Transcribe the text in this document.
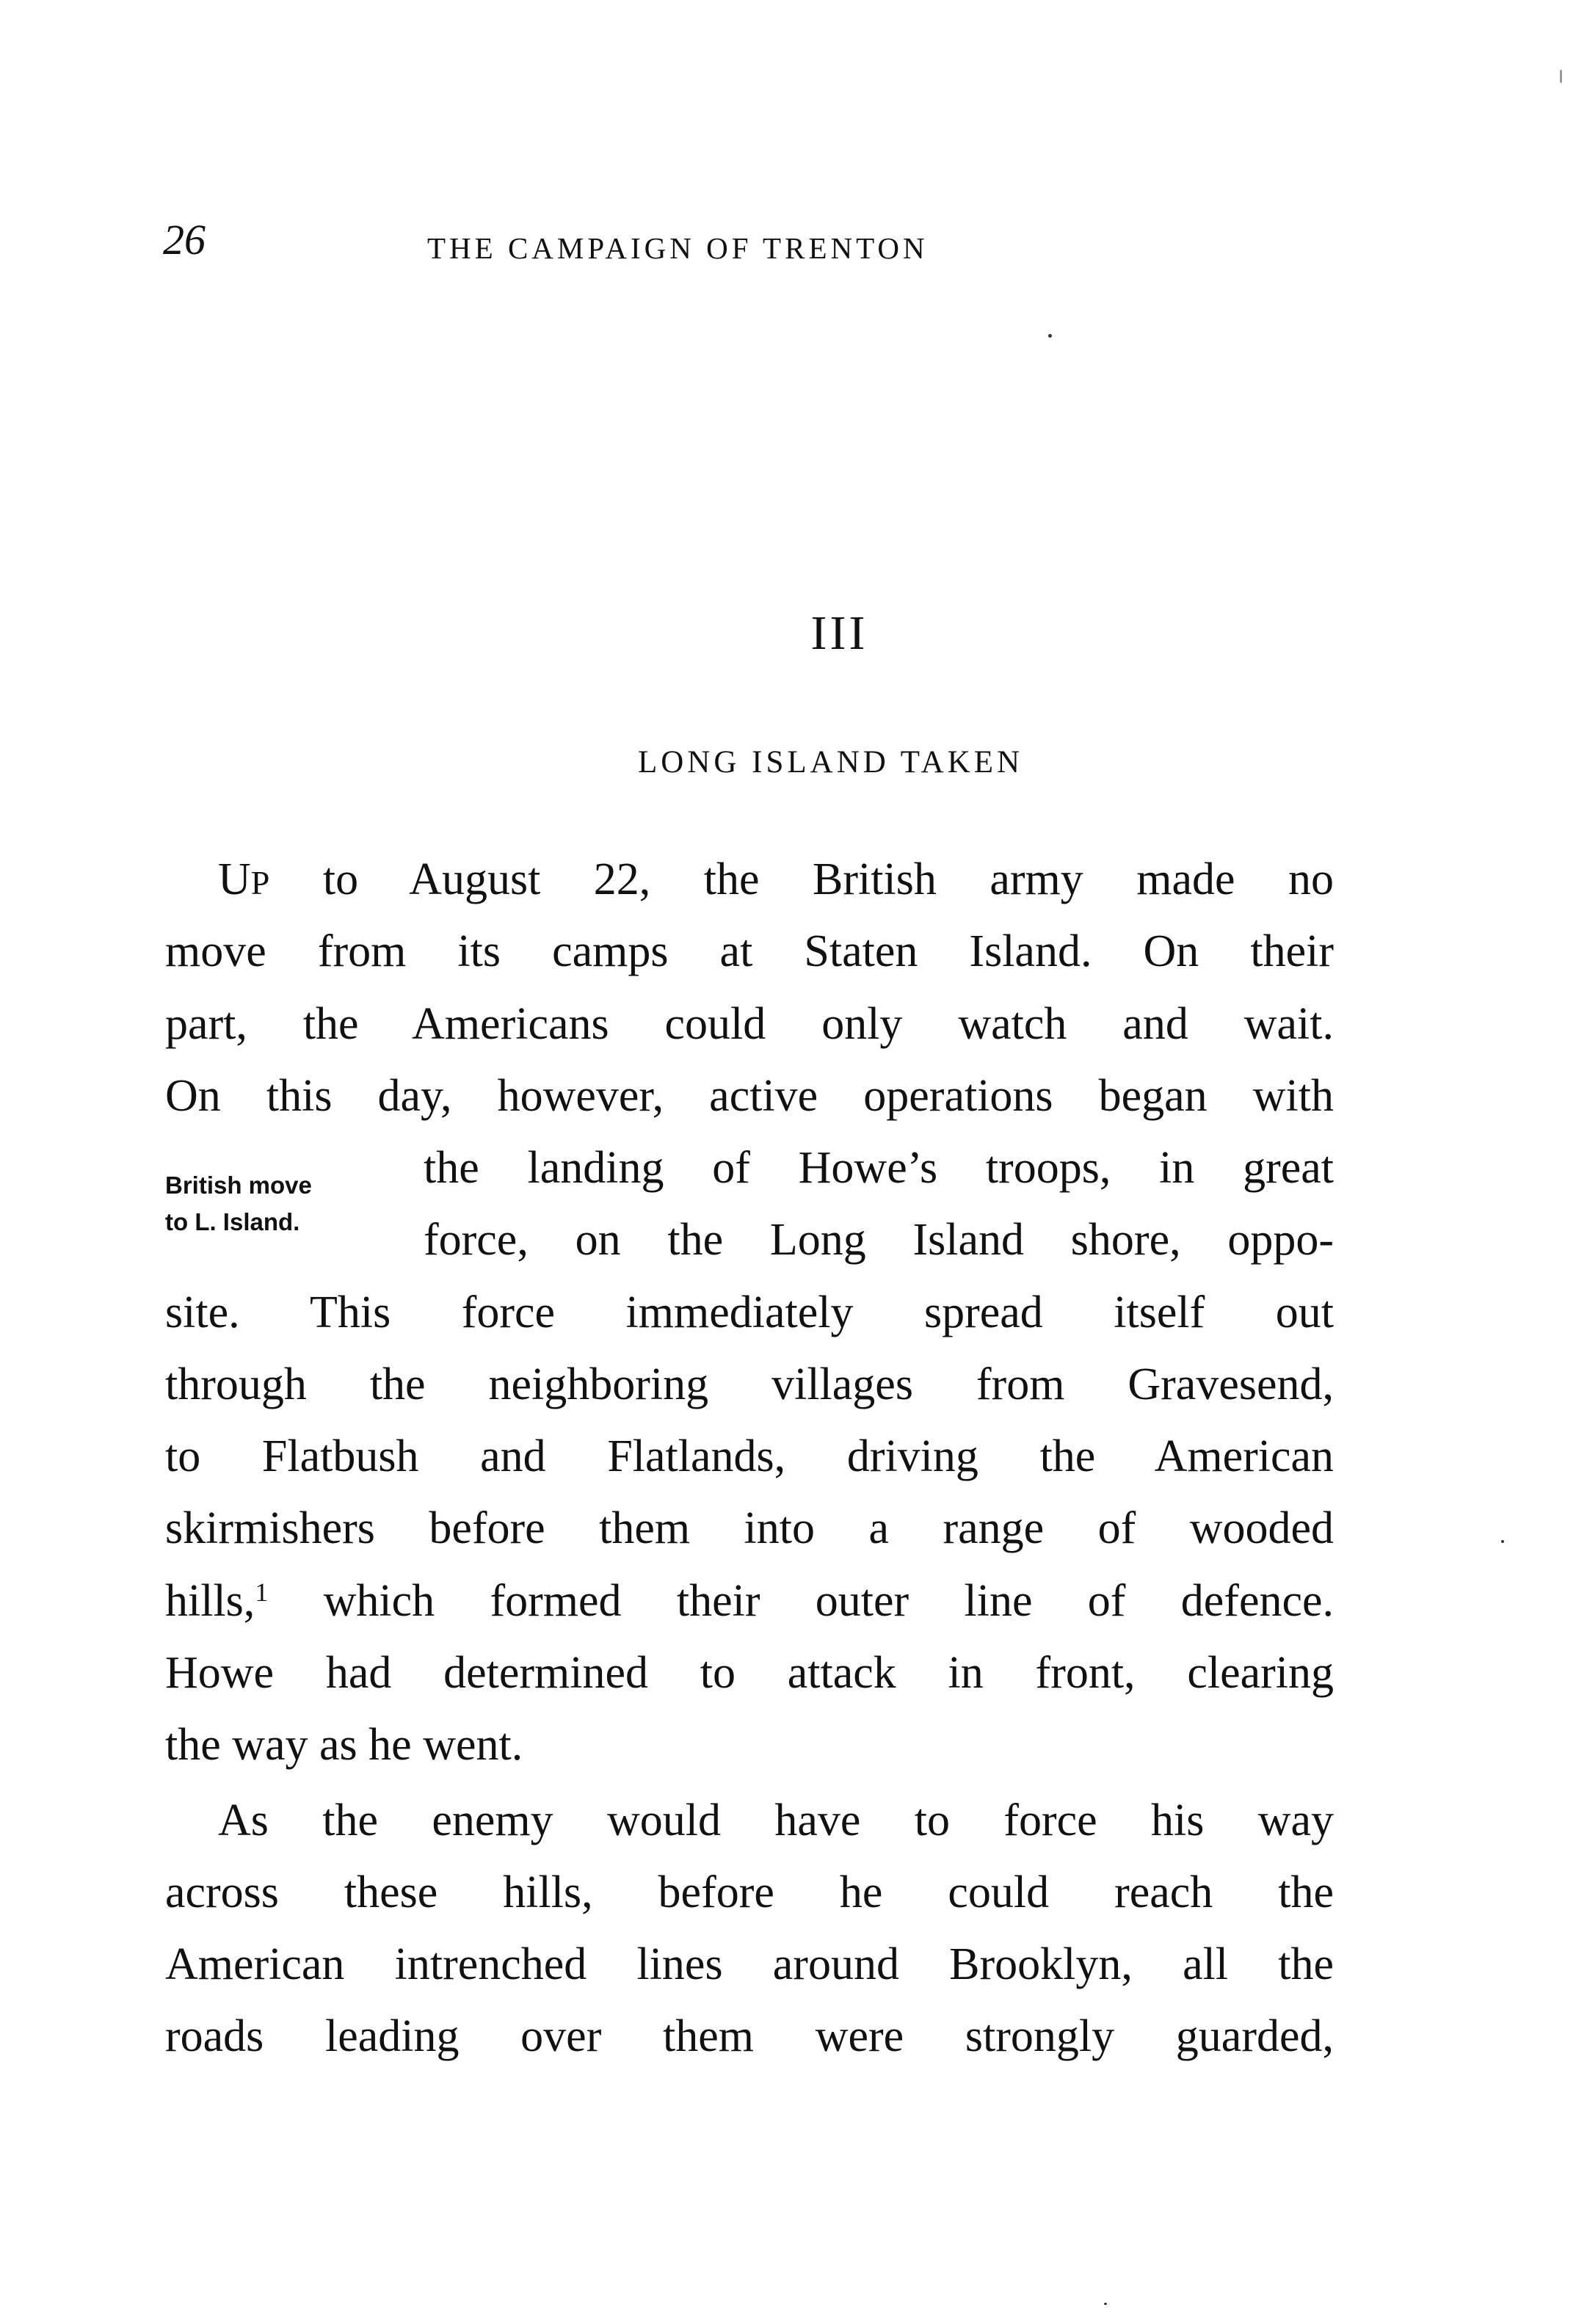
26	THE CAMPAIGN OF TRENTON
III
LONG ISLAND TAKEN
UP to August 22, the British army made no
move from its camps at Staten Island. On their
part, the Americans could only watch and wait.
On this day, however, active operations began with
the landing of Howe’s troops, in great
force, on the Long Island shore, oppo-
site. This force immediately spread itself out
through the neighboring villages from Gravesend,
to Flatbush and Flatlands, driving the American
skirmishers before them into a range of wooded
hills,$^1$ which formed their outer line of defence.
Howe had determined to attack in front, clearing
the way as he went.
British move
to L. Island.
As the enemy would have to force his way
across these hills, before he could reach the
American intrenched lines around Brooklyn, all the
roads leading over them were strongly guarded,
